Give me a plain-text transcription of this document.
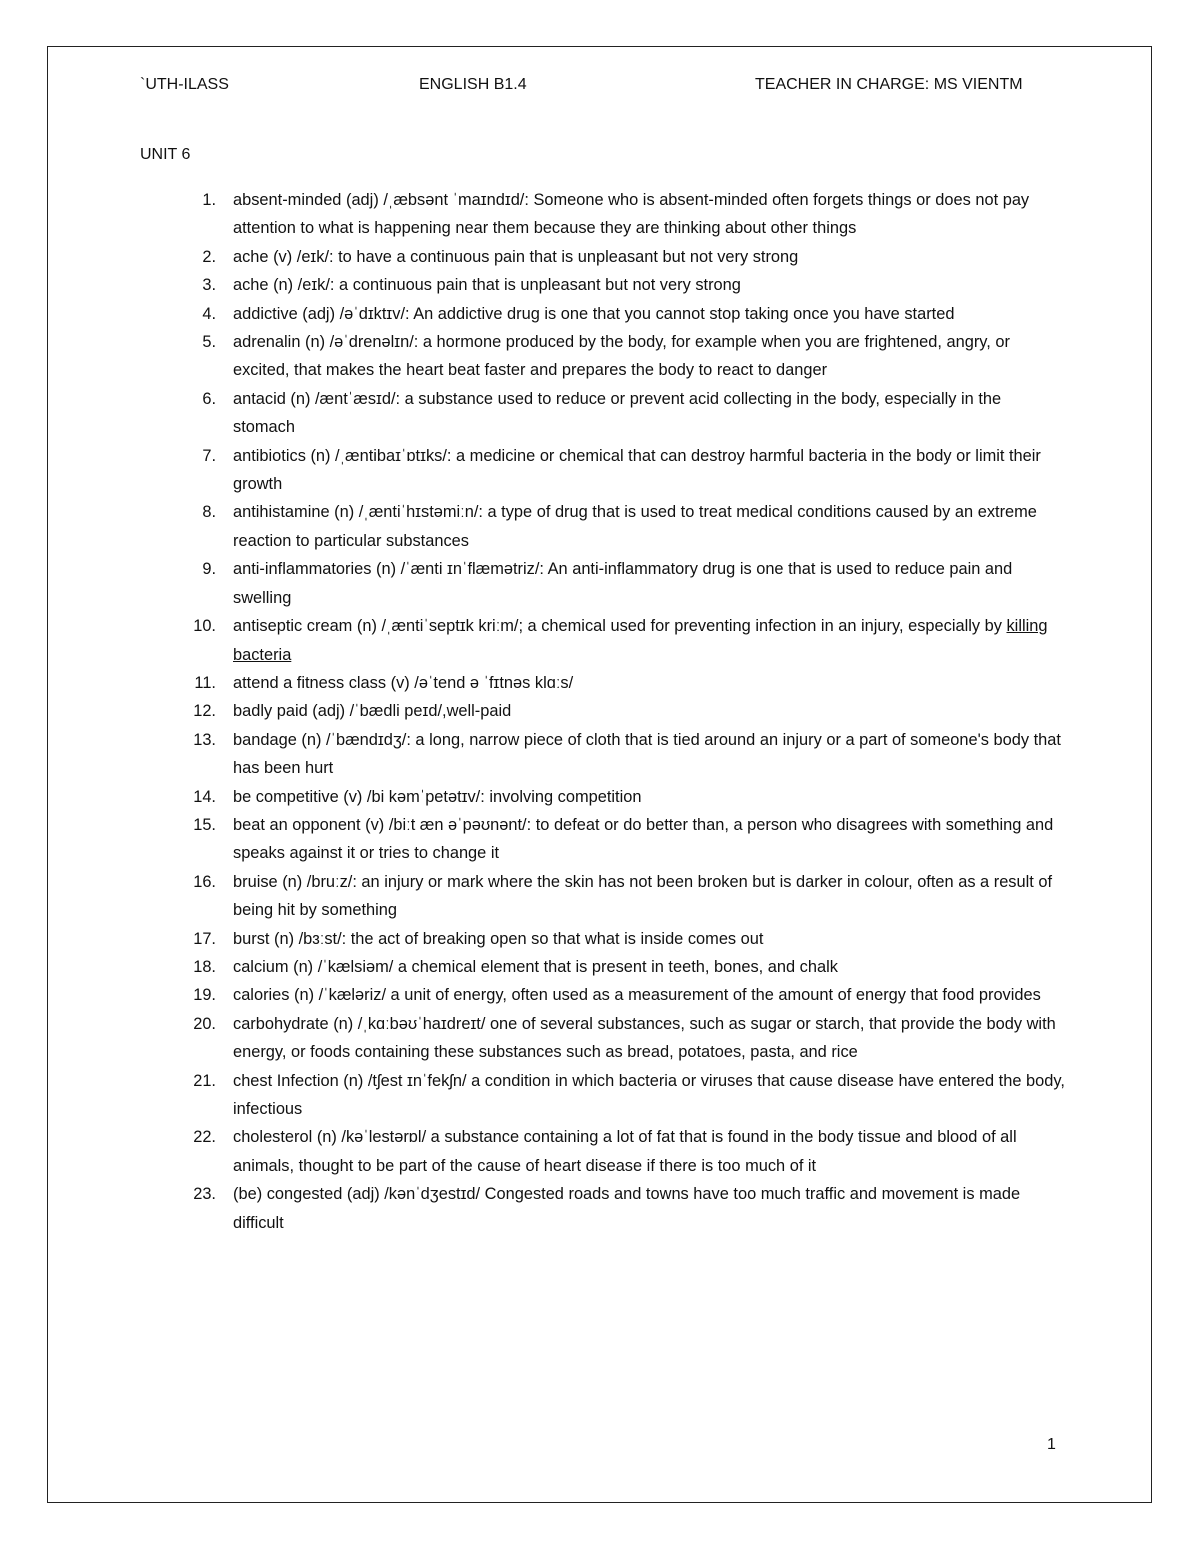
`UTH-ILASS	ENGLISH B1.4	TEACHER IN CHARGE: MS VIENTM
UNIT 6
1. absent-minded (adj) /ˌæbsənt ˈmaɪndɪd/: Someone who is absent-minded often forgets things or does not pay attention to what is happening near them because they are thinking about other things
2. ache (v) /eɪk/: to have a continuous pain that is unpleasant but not very strong
3. ache (n) /eɪk/: a continuous pain that is unpleasant but not very strong
4. addictive (adj) /əˈdɪktɪv/: An addictive drug is one that you cannot stop taking once you have started
5. adrenalin (n) /əˈdrenəlɪn/: a hormone produced by the body, for example when you are frightened, angry, or excited, that makes the heart beat faster and prepares the body to react to danger
6. antacid (n) /æntˈæsɪd/: a substance used to reduce or prevent acid collecting in the body, especially in the stomach
7. antibiotics (n) /ˌæntibaɪˈɒtɪks/: a medicine or chemical that can destroy harmful bacteria in the body or limit their growth
8. antihistamine (n) /ˌæntiˈhɪstəmiːn/: a type of drug that is used to treat medical conditions caused by an extreme reaction to particular substances
9. anti-inflammatories (n) /ˈænti ɪnˈflæmətriz/: An anti-inflammatory drug is one that is used to reduce pain and swelling
10. antiseptic cream (n) /ˌæntiˈseptɪk kriːm/; a chemical used for preventing infection in an injury, especially by killing bacteria
11. attend a fitness class (v) /əˈtend ə ˈfɪtnəs klɑːs/
12. badly paid (adj) /ˈbædli peɪd/,well-paid
13. bandage (n) /ˈbændɪdʒ/: a long, narrow piece of cloth that is tied around an injury or a part of someone's body that has been hurt
14. be competitive (v) /bi kəmˈpetətɪv/: involving competition
15. beat an opponent (v) /biːt æn əˈpəʊnənt/: to defeat or do better than, a person who disagrees with something and speaks against it or tries to change it
16. bruise (n) /bruːz/: an injury or mark where the skin has not been broken but is darker in colour, often as a result of being hit by something
17. burst (n) /bɜːst/: the act of breaking open so that what is inside comes out
18. calcium (n) /ˈkælsiəm/ a chemical element that is present in teeth, bones, and chalk
19. calories (n) /ˈkæləriz/ a unit of energy, often used as a measurement of the amount of energy that food provides
20. carbohydrate (n) /ˌkɑːbəʊˈhaɪdreɪt/ one of several substances, such as sugar or starch, that provide the body with energy, or foods containing these substances such as bread, potatoes, pasta, and rice
21. chest Infection (n) /tʃest ɪnˈfekʃn/ a condition in which bacteria or viruses that cause disease have entered the body, infectious
22. cholesterol (n) /kəˈlestərɒl/ a substance containing a lot of fat that is found in the body tissue and blood of all animals, thought to be part of the cause of heart disease if there is too much of it
23. (be) congested (adj) /kənˈdʒestɪd/ Congested roads and towns have too much traffic and movement is made difficult
1
